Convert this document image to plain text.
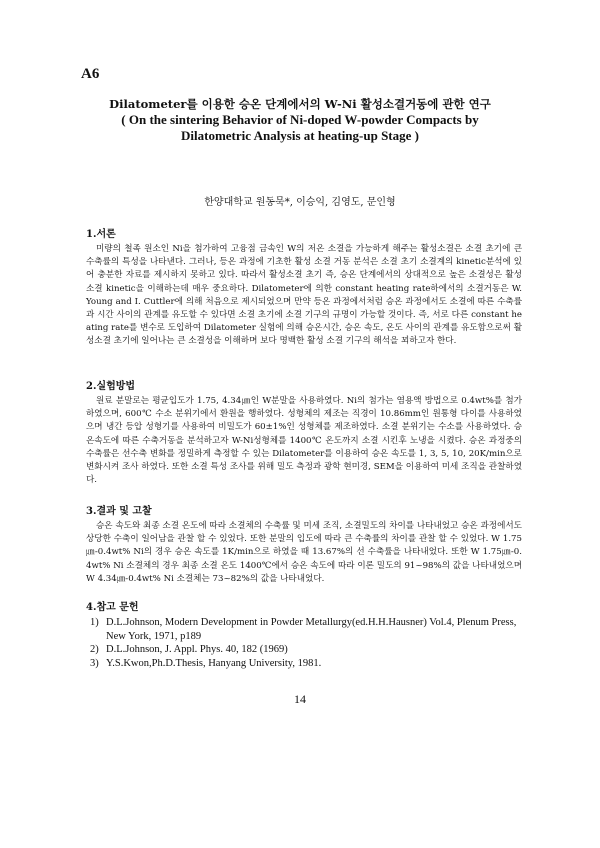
A6
Dilatometer를 이용한 승온 단계에서의 W-Ni 활성소결거동에 관한 연구
( On the sintering Behavior of Ni-doped W-powder Compacts by
Dilatometric Analysis at heating-up Stage )
한양대학교 원동묵*, 이승익, 김영도, 문인형
1.서론

미량의 철족 원소인 Ni을 첨가하여 고융점 금속인 W의 저온 소결을 가능하게 해주는 활성소결은 소결 초기에 큰 수축률의 특성을 나타낸다. 그러나, 등온 과정에 기초한 활성 소결 거동 분석은 소결 초기 소결계의 kinetic분석에 있어 충분한 자료를 제시하지 못하고 있다. 따라서 활성소결 초기 즉, 승온 단계에서의 상대적으로 높은 소결성은 활성소결 kinetic을 이해하는데 매우 중요하다. Dilatometer에 의한 constant heating rate하에서의 소결거동은 W. Young and I. Cuttler에 의해 처음으로 제시되었으며 만약 등온 과정에서처럼 승온 과정에서도 소결에 따른 수축률과 시간 사이의 관계를 유도할 수 있다면 소결 초기에 소결 기구의 규명이 가능할 것이다. 즉, 서로 다른 constant heating rate를 변수로 도입하여 Dilatometer 실험에 의해 승온시간, 승온 속도, 온도 사이의 관계를 유도함으로써 활성소결 초기에 일어나는 큰 소결성을 이해하며 보다 명백한 활성 소결 기구의 해석을 꾀하고자 한다.

2.실험방법

원료 분말로는 평균입도가 1.75, 4.34㎛인 W분말을 사용하였다. Ni의 첨가는 염용액 방법으로 0.4wt%를 첨가하였으며, 600℃ 수소 분위기에서 환원을 행하였다. 성형체의 제조는 직경이 10.86mm인 원통형 다이를 사용하였으며 냉간 등압 성형기를 사용하여 비밀도가 60±1%인 성형체를 제조하였다. 소결 분위기는 수소를 사용하였다. 승온속도에 따른 수축거동을 분석하고자 W-Ni성형체를 1400℃ 온도까지 소결 시킨후 노냉을 시켰다. 승온 과정중의 수축률은 선수축 변화를 정밀하게 측정할 수 있는 Dilatometer를 이용하여 승온 속도를 1, 3, 5, 10, 20K/min으로 변화시켜 조사 하였다. 또한 소결 특성 조사를 위해 밀도 측정과 광학 현미경, SEM을 이용하여 미세 조직을 관찰하였다.

3.결과 및 고찰

승온 속도와 최종 소결 온도에 따라 소결체의 수축률 및 미세 조직, 소결밀도의 차이를 나타내었고 승온 과정에서도 상당한 수축이 일어남을 관찰 할 수 있었다. 또한 분말의 입도에 따라 큰 수축률의 차이를 관찰 할 수 있었다. W 1.75㎛-0.4wt% Ni의 경우 승온 속도를 1K/min으로 하였을 때 13.67%의 선 수축률을 나타내었다. 또한 W 1.75㎛-0.4wt% Ni 소결체의 경우 최종 소결 온도 1400℃에서 승온 속도에 따라 이론 밀도의 91~98%의 값을 나타내었으며 W 4.34㎛-0.4wt% Ni 소결체는 73~82%의 값을 나타내었다.

4.참고 문헌
1) D.L.Johnson, Modern Development in Powder Metallurgy(ed.H.H.Hausner) Vol.4, Plenum Press, New York, 1971, p189
2) D.L.Johnson, J. Appl. Phys. 40, 182 (1969)
3) Y.S.Kwon,Ph.D.Thesis, Hanyang University, 1981.
14
